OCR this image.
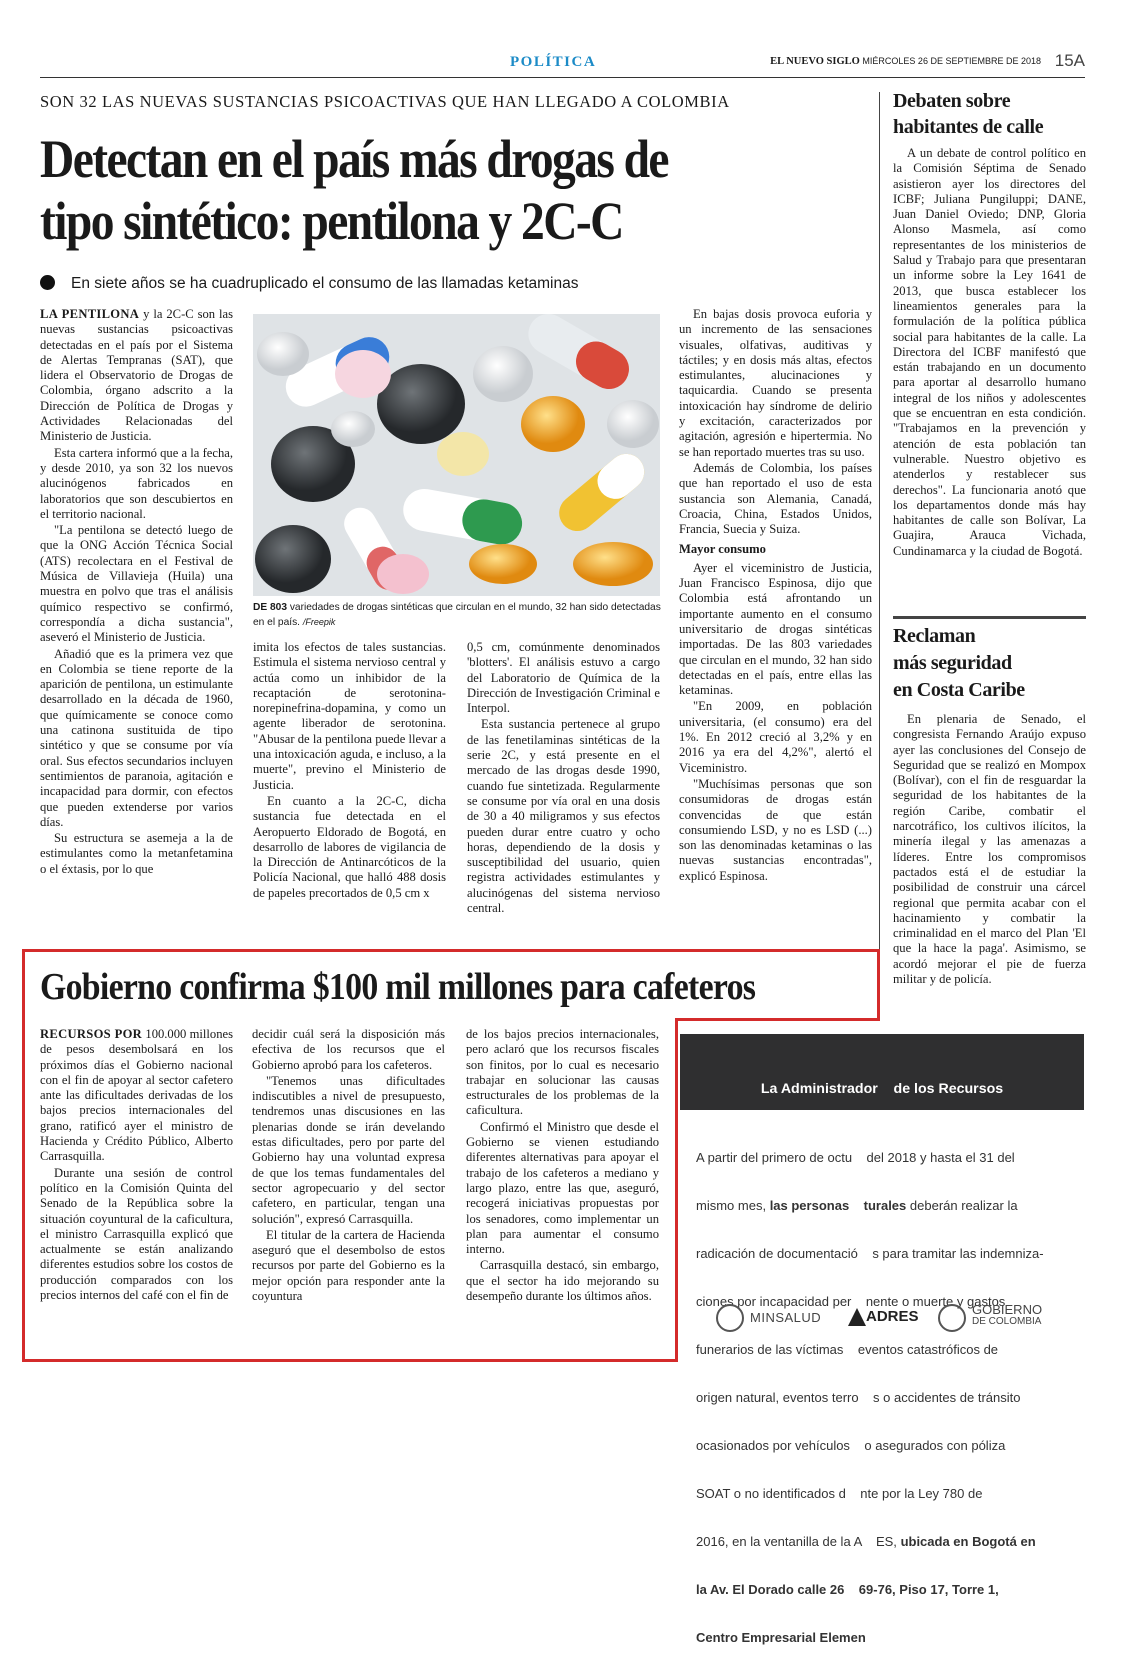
POLÍTICA	EL NUEVO SIGLO MIÉRCOLES 26 DE SEPTIEMBRE DE 2018 15A
SON 32 LAS NUEVAS SUSTANCIAS PSICOACTIVAS QUE HAN LLEGADO A COLOMBIA
Detectan en el país más drogas de
tipo sintético: pentilona y 2C-C
En siete años se ha cuadruplicado el consumo de las llamadas ketaminas

LA PENTILONA y la 2C-C son las nuevas sustancias psicoactivas detectadas en el país por el Sistema de Alertas Tempranas (SAT), que lidera el Observatorio de Drogas de Colombia, órgano adscrito a la Dirección de Política de Drogas y Actividades Relacionadas del Ministerio de Justicia.

Esta cartera informó que a la fecha, y desde 2010, ya son 32 los nuevos alucinógenos fabricados en laboratorios que son descubiertos en el territorio nacional.

"La pentilona se detectó luego de que la ONG Acción Técnica Social (ATS) recolectara en el Festival de Música de Villavieja (Huila) una muestra en polvo que tras el análisis químico respectivo se confirmó, correspondía a dicha sustancia", aseveró el Ministerio de Justicia.

Añadió que es la primera vez que en Colombia se tiene reporte de la aparición de pentilona, un estimulante desarrollado en la década de 1960, que químicamente se conoce como una catinona sustituida de tipo sintético y que se consume por vía oral. Sus efectos secundarios incluyen sentimientos de paranoia, agitación e incapacidad para dormir, con efectos que pueden extenderse por varios días.

Su estructura se asemeja a la de estimulantes como la metanfetamina o el éxtasis, por lo que

DE 803 variedades de drogas sintéticas que circulan en el mundo, 32 han sido detectadas en el país. /Freepik

imita los efectos de tales sustancias. Estimula el sistema nervioso central y actúa como un inhibidor de la recaptación de serotonina-norepinefrina-dopamina, y como un agente liberador de serotonina. "Abusar de la pentilona puede llevar a una intoxicación aguda, e incluso, a la muerte", previno el Ministerio de Justicia.

En cuanto a la 2C-C, dicha sustancia fue detectada en el Aeropuerto Eldorado de Bogotá, en desarrollo de labores de vigilancia de la Dirección de Antinarcóticos de la Policía Nacional, que halló 488 dosis de papeles precortados de 0,5 cm x

0,5 cm, comúnmente denominados 'blotters'. El análisis estuvo a cargo del Laboratorio de Química de la Dirección de Investigación Criminal e Interpol.

Esta sustancia pertenece al grupo de las fenetilaminas sintéticas de la serie 2C, y está presente en el mercado de las drogas desde 1990, cuando fue sintetizada. Regularmente se consume por vía oral en una dosis de 30 a 40 miligramos y sus efectos pueden durar entre cuatro y ocho horas, dependiendo de la dosis y susceptibilidad del usuario, quien registra actividades estimulantes y alucinógenas del sistema nervioso central.

En bajas dosis provoca euforia y un incremento de las sensaciones visuales, olfativas, auditivas y táctiles; y en dosis más altas, efectos estimulantes, alucinaciones y taquicardia. Cuando se presenta intoxicación hay síndrome de delirio y excitación, caracterizados por agitación, agresión e hipertermia. No se han reportado muertes tras su uso.

Además de Colombia, los países que han reportado el uso de esta sustancia son Alemania, Canadá, Croacia, China, Estados Unidos, Francia, Suecia y Suiza.

Mayor consumo

Ayer el viceministro de Justicia, Juan Francisco Espinosa, dijo que Colombia está afrontando un importante aumento en el consumo universitario de drogas sintéticas importadas. De las 803 variedades que circulan en el mundo, 32 han sido detectadas en el país, entre ellas las ketaminas.

"En 2009, en población universitaria, (el consumo) era del 1%. En 2012 creció al 3,2% y en 2016 ya era del 4,2%", alertó el Viceministro.

"Muchísimas personas que son consumidoras de drogas están convencidas de que están consumiendo LSD, y no es LSD (...) son las denominadas ketaminas o las nuevas sustancias encontradas", explicó Espinosa.

Debaten sobre
habitantes de calle

A un debate de control político en la Comisión Séptima de Senado asistieron ayer los directores del ICBF; Juliana Pungiluppi; DANE, Juan Daniel Oviedo; DNP, Gloria Alonso Masmela, así como representantes de los ministerios de Salud y Trabajo para que presentaran un informe sobre la Ley 1641 de 2013, que busca establecer los lineamientos generales para la formulación de la política pública social para habitantes de la calle. La Directora del ICBF manifestó que están trabajando en un documento para aportar al desarrollo humano integral de los niños y adolescentes que se encuentran en esta condición. "Trabajamos en la prevención y atención de esta población tan vulnerable. Nuestro objetivo es atenderlos y restablecer sus derechos". La funcionaria anotó que los departamentos donde más hay habitantes de calle son Bolívar, La Guajira, Arauca Vichada, Cundinamarca y la ciudad de Bogotá.

Reclaman
más seguridad
en Costa Caribe

En plenaria de Senado, el congresista Fernando Araújo expuso ayer las conclusiones del Consejo de Seguridad que se realizó en Mompox (Bolívar), con el fin de resguardar la seguridad de los habitantes de la región Caribe, combatir el narcotráfico, los cultivos ilícitos, la minería ilegal y las amenazas a líderes. Entre los compromisos pactados está el de estudiar la posibilidad de construir una cárcel regional que permita acabar con el hacinamiento y combatir la criminalidad en el marco del Plan 'El que la hace la paga'. Asimismo, se acordó mejorar el pie de fuerza militar y de policía.

Gobierno confirma $100 mil millones para cafeteros

RECURSOS POR 100.000 millones de pesos desembolsará en los próximos días el Gobierno nacional con el fin de apoyar al sector cafetero ante las dificultades derivadas de los bajos precios internacionales del grano, ratificó ayer el ministro de Hacienda y Crédito Público, Alberto Carrasquilla.

Durante una sesión de control político en la Comisión Quinta del Senado de la República sobre la situación coyuntural de la caficultura, el ministro Carrasquilla explicó que actualmente se están analizando diferentes estudios sobre los costos de producción comparados con los precios internos del café con el fin de

decidir cuál será la disposición más efectiva de los recursos que el Gobierno aprobó para los cafeteros.

"Tenemos unas dificultades indiscutibles a nivel de presupuesto, tendremos unas discusiones en las plenarias donde se irán develando estas dificultades, pero por parte del Gobierno hay una voluntad expresa de que los temas fundamentales del sector agropecuario y del sector cafetero, en particular, tengan una solución", expresó Carrasquilla.

El titular de la cartera de Hacienda aseguró que el desembolso de estos recursos por parte del Gobierno es la mejor opción para responder ante la coyuntura

de los bajos precios internacionales, pero aclaró que los recursos fiscales son finitos, por lo cual es necesario trabajar en solucionar las causas estructurales de los problemas de la caficultura.

Confirmó el Ministro que desde el Gobierno se vienen estudiando diferentes alternativas para apoyar el trabajo de los cafeteros a mediano y largo plazo, entre las que, aseguró, recogerá iniciativas propuestas por los senadores, como implementar un plan para aumentar el consumo interno.

Carrasquilla destacó, sin embargo, que el sector ha ido mejorando su desempeño durante los últimos años.

La Administrador    de los Recursos

de la Seguridad    ocial en Salud –

ADRES – informa a    ciudadanía que:

A partir del primero de octu    del 2018 y hasta el 31 del

mismo mes, las personas turales deberán realizar la

radicación de documentació    s para tramitar las indemniza-

ciones por incapacidad per    nente o muerte y gastos

funerarios de las víctimas    eventos catastróficos de

origen natural, eventos terro    s o accidentes de tránsito

ocasionados por vehículos    o asegurados con póliza

SOAT o no identificados d    nte por la Ley 780 de

2016, en la ventanilla de la A    ES, ubicada en Bogotá en

la Av. El Dorado calle 26    69-76, Piso 17, Torre 1,

Centro Empresarial Elemen

MINSALUD	ADRES	GOBIERNO
DE COLOMBIA
